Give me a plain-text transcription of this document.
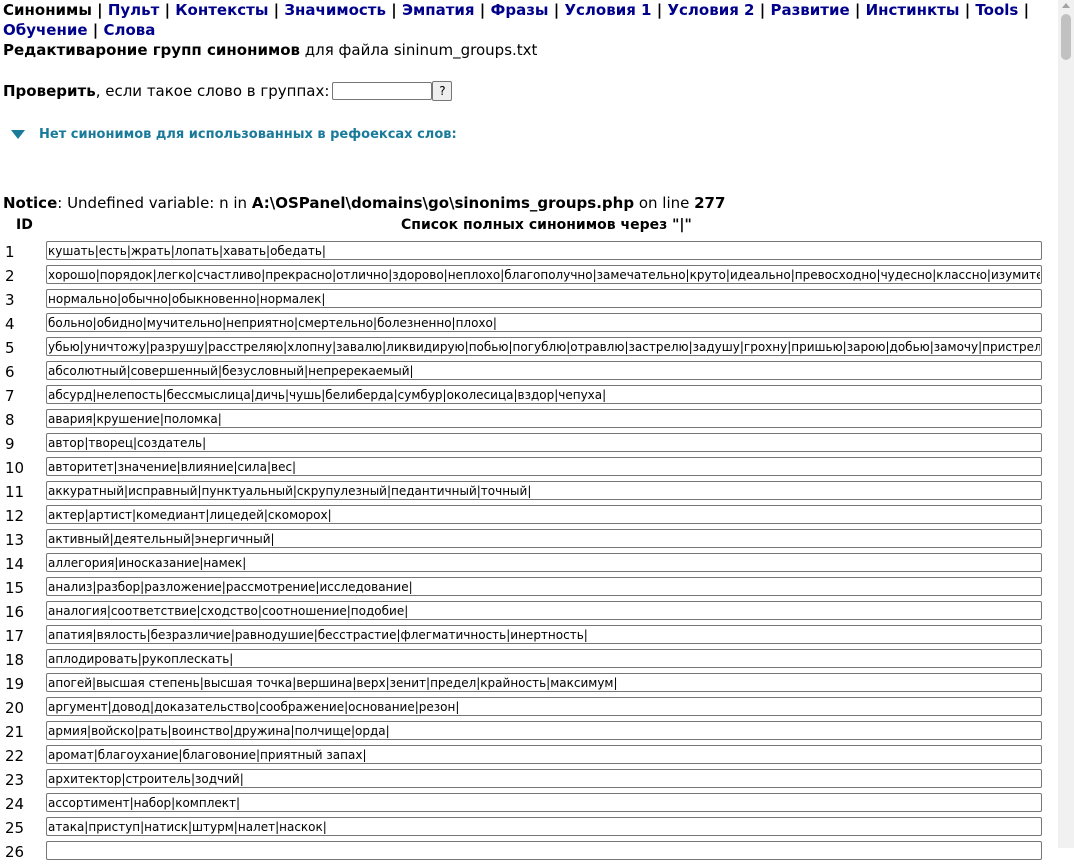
Синонимы | Пульт | Контексты | Значимость | Эмпатия | Фразы | Условия 1 | Условия 2 | Развитие | Инстинкты | Tools | Обучение | Слова
Редактивароние групп синонимов для файла sininum_groups.txt
Проверить , если такое слово в группах:	?
Нет синонимов для использованных в рефоексах слов:
Notice: Undefined variable: n in A:\OSPanel\domains\go\sinonims_groups.php on line 277
ID	Список полных синонимов через "|"
1
кушать|есть|жрать|лопать|хавать|обедать|
2
хорошо|порядок|легко|счастливо|прекрасно|отлично|здорово|неплохо|благополучно|замечательно|круто|идеально|превосходно|чудесно|классно|изумительно|отменно|
3
нормально|обычно|обыкновенно|нормалек|
4
больно|обидно|мучительно|неприятно|смертельно|болезненно|плохо|
5
убью|уничтожу|разрушу|расстреляю|хлопну|завалю|ликвидирую|побью|погублю|отравлю|застрелю|задушу|грохну|пришью|зарою|добью|замочу|пристрелю|прикончу|
6
абсолютный|совершенный|безусловный|непререкаемый|
7
абсурд|нелепость|бессмыслица|дичь|чушь|белиберда|сумбур|околесица|вздор|чепуха|
8
авария|крушение|поломка|
9
автор|творец|создатель|
10
авторитет|значение|влияние|сила|вес|
11
аккуратный|исправный|пунктуальный|скрупулезный|педантичный|точный|
12
актер|артист|комедиант|лицедей|скоморох|
13
активный|деятельный|энергичный|
14
аллегория|иносказание|намек|
15
анализ|разбор|разложение|рассмотрение|исследование|
16
аналогия|соответствие|сходство|соотношение|подобие|
17
апатия|вялость|безразличие|равнодушие|бесстрастие|флегматичность|инертность|
18
аплодировать|рукоплескать|
19
апогей|высшая степень|высшая точка|вершина|верх|зенит|предел|крайность|максимум|
20
аргумент|довод|доказательство|соображение|основание|резон|
21
армия|войско|рать|воинство|дружина|полчище|орда|
22
аромат|благоухание|благовоние|приятный запах|
23
архитектор|строитель|зодчий|
24
ассортимент|набор|комплект|
25
атака|приступ|натиск|штурм|налет|наскок|
26
